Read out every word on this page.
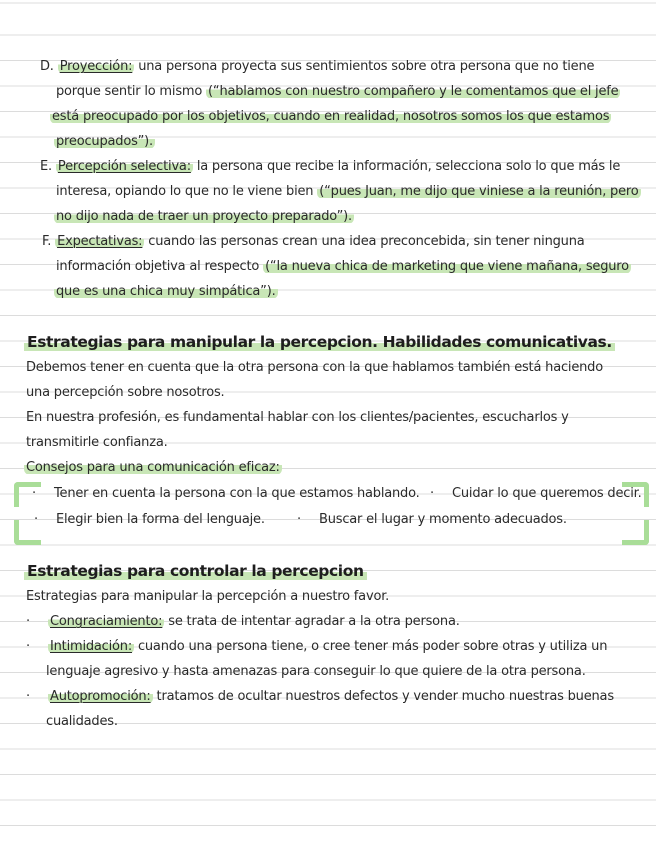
D. Proyección: una persona proyecta sus sentimientos sobre otra persona que no tiene
porque sentir lo mismo (“hablamos con nuestro compañero y le comentamos que el jefe
está preocupado por los objetivos, cuando en realidad, nosotros somos los que estamos
preocupados”).
E. Percepción selectiva: la persona que recibe la información, selecciona solo lo que más le
interesa, opiando lo que no le viene bien (“pues Juan, me dijo que viniese a la reunión, pero
no dijo nada de traer un proyecto preparado”).
F. Expectativas: cuando las personas crean una idea preconcebida, sin tener ninguna
información objetiva al respecto (“la nueva chica de marketing que viene mañana, seguro
que es una chica muy simpática”).
Estrategias para manipular la percepcion. Habilidades comunicativas.
Debemos tener en cuenta que la otra persona con la que hablamos también está haciendo
una percepción sobre nosotros.
En nuestra profesión, es fundamental hablar con los clientes/pacientes, escucharlos y
transmitirle confianza.
Consejos para una comunicación eficaz:
· Tener en cuenta la persona con la que estamos hablando. · Cuidar lo que queremos decir.
· Elegir bien la forma del lenguaje.	· Buscar el lugar y momento adecuados.
Estrategias para controlar la percepcion
Estrategias para manipular la percepción a nuestro favor.
· Congraciamiento: se trata de intentar agradar a la otra persona.
· Intimidación: cuando una persona tiene, o cree tener más poder sobre otras y utiliza un
lenguaje agresivo y hasta amenazas para conseguir lo que quiere de la otra persona.
· Autopromoción: tratamos de ocultar nuestros defectos y vender mucho nuestras buenas
cualidades.
